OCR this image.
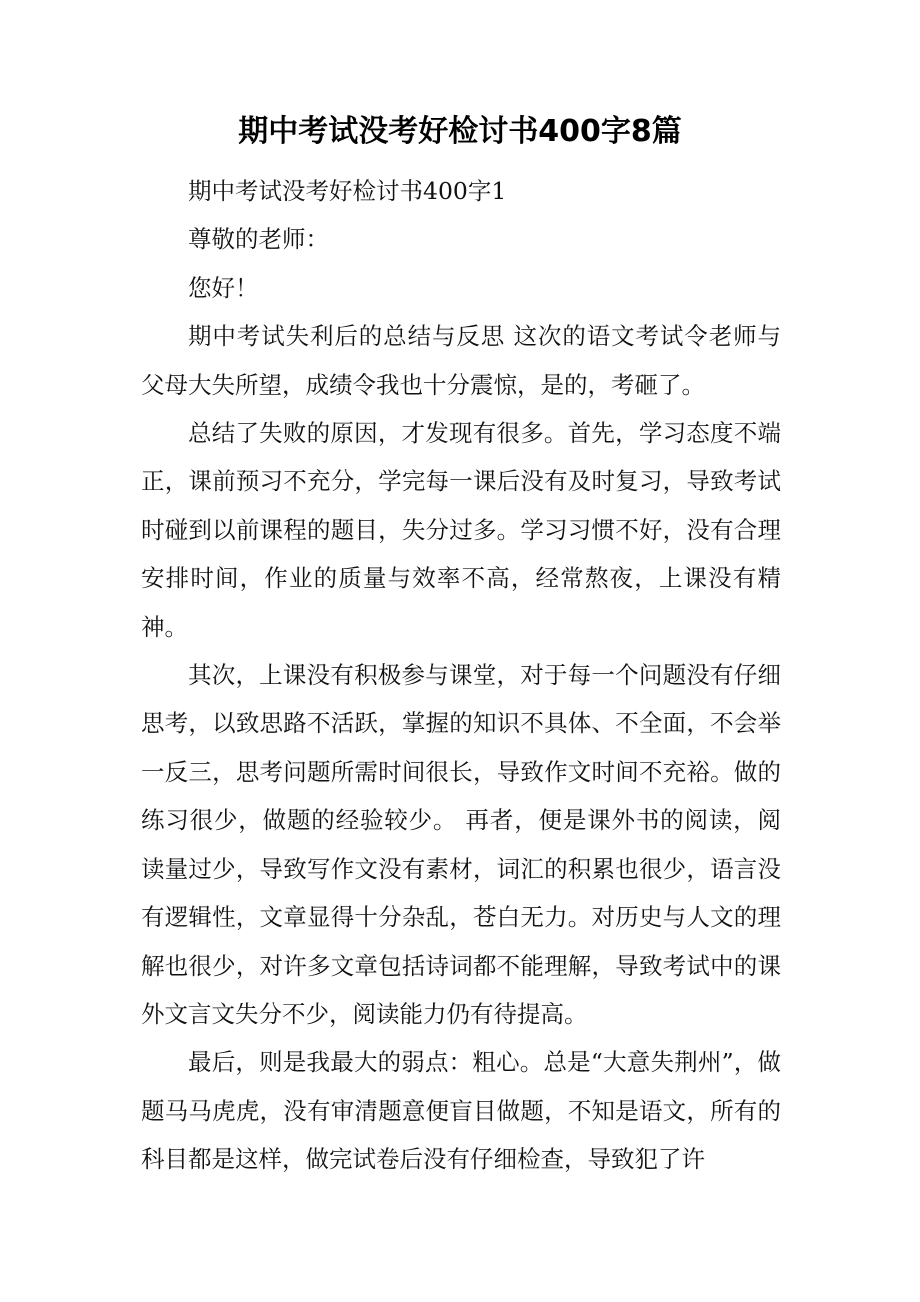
期中考试没考好检讨书400字8篇

期中考试没考好检讨书400字1

尊敬的老师：

您好！

期中考试失利后的总结与反思 这次的语文考试令老师与父母大失所望，成绩令我也十分震惊，是的，考砸了。

总结了失败的原因，才发现有很多。首先，学习态度不端正，课前预习不充分，学完每一课后没有及时复习，导致考试时碰到以前课程的题目，失分过多。学习习惯不好，没有合理安排时间，作业的质量与效率不高，经常熬夜，上课没有精神。

其次，上课没有积极参与课堂，对于每一个问题没有仔细思考，以致思路不活跃，掌握的知识不具体、不全面，不会举一反三，思考问题所需时间很长，导致作文时间不充裕。做的练习很少，做题的经验较少。 再者，便是课外书的阅读，阅读量过少，导致写作文没有素材，词汇的积累也很少，语言没有逻辑性，文章显得十分杂乱，苍白无力。对历史与人文的理解也很少，对许多文章包括诗词都不能理解，导致考试中的课外文言文失分不少，阅读能力仍有待提高。

最后，则是我最大的弱点：粗心。总是“大意失荆州”，做题马马虎虎，没有审清题意便盲目做题，不知是语文，所有的科目都是这样，做完试卷后没有仔细检查，导致犯了许
